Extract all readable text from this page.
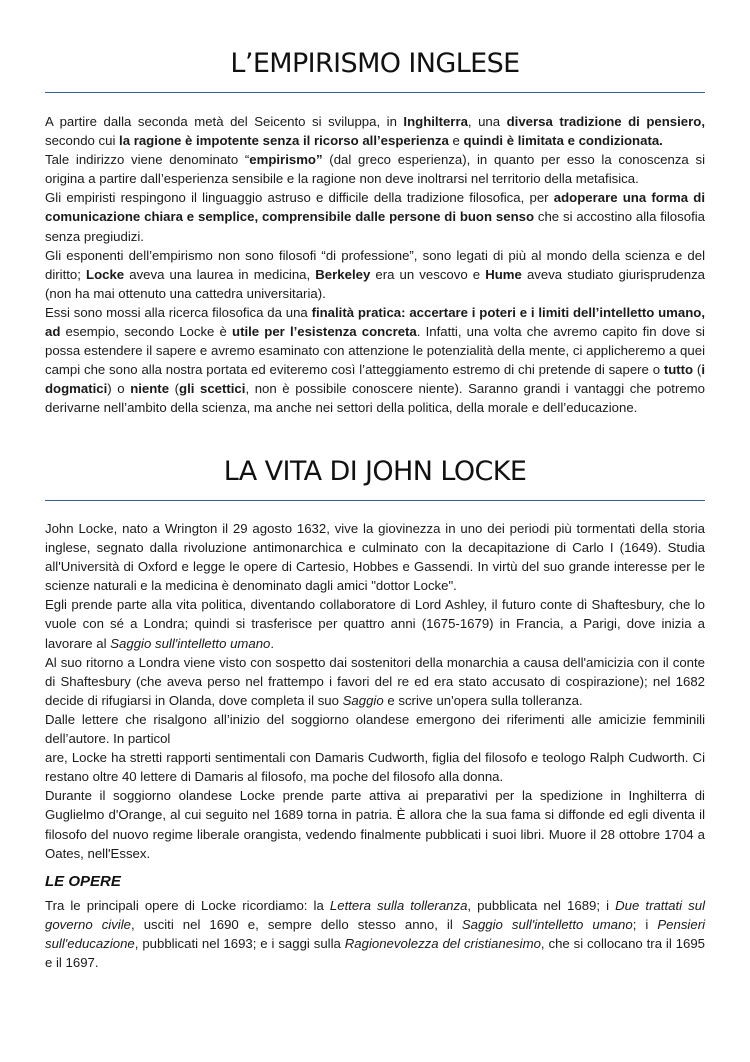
L’EMPIRISMO INGLESE

A partire dalla seconda metà del Seicento si sviluppa, in Inghilterra, una diversa tradizione di pensiero, secondo cui la ragione è impotente senza il ricorso all’esperienza e quindi è limitata e condizionata.

Tale indirizzo viene denominato “empirismo” (dal greco esperienza), in quanto per esso la conoscenza si origina a partire dall’esperienza sensibile e la ragione non deve inoltrarsi nel territorio della metafisica.

Gli empiristi respingono il linguaggio astruso e difficile della tradizione filosofica, per adoperare una forma di comunicazione chiara e semplice, comprensibile dalle persone di buon senso che si accostino alla filosofia senza pregiudizi.

Gli esponenti dell’empirismo non sono filosofi “di professione”, sono legati di più al mondo della scienza e del diritto; Locke aveva una laurea in medicina, Berkeley era un vescovo e Hume aveva studiato giurisprudenza (non ha mai ottenuto una cattedra universitaria).

Essi sono mossi alla ricerca filosofica da una finalità pratica: accertare i poteri e i limiti dell’intelletto umano, ad esempio, secondo Locke è utile per l’esistenza concreta. Infatti, una volta che avremo capito fin dove si possa estendere il sapere e avremo esaminato con attenzione le potenzialità della mente, ci applicheremo a quei campi che sono alla nostra portata ed eviteremo così l’atteggiamento estremo di chi pretende di sapere o tutto (i dogmatici) o niente (gli scettici, non è possibile conoscere niente). Saranno grandi i vantaggi che potremo derivarne nell’ambito della scienza, ma anche nei settori della politica, della morale e dell’educazione.

LA VITA DI JOHN LOCKE

John Locke, nato a Wrington il 29 agosto 1632, vive la giovinezza in uno dei periodi più tormentati della storia inglese, segnato dalla rivoluzione antimonarchica e culminato con la decapitazione di Carlo I (1649). Studia all'Università di Oxford e legge le opere di Cartesio, Hobbes e Gassendi. In virtù del suo grande interesse per le scienze naturali e la medicina è denominato dagli amici "dottor Locke".

Egli prende parte alla vita politica, diventando collaboratore di Lord Ashley, il futuro conte di Shaftesbury, che lo vuole con sé a Londra; quindi si trasferisce per quattro anni (1675-1679) in Francia, a Parigi, dove inizia a lavorare al Saggio sull'intelletto umano.

Al suo ritorno a Londra viene visto con sospetto dai sostenitori della monarchia a causa dell'amicizia con il conte di Shaftesbury (che aveva perso nel frattempo i favori del re ed era stato accusato di cospirazione); nel 1682 decide di rifugiarsi in Olanda, dove completa il suo Saggio e scrive un'opera sulla tolleranza.

Dalle lettere che risalgono all’inizio del soggiorno olandese emergono dei riferimenti alle amicizie femminili dell’autore. In particol

are, Locke ha stretti rapporti sentimentali con Damaris Cudworth, figlia del filosofo e teologo Ralph Cudworth. Ci restano oltre 40 lettere di Damaris al filosofo, ma poche del filosofo alla donna.

Durante il soggiorno olandese Locke prende parte attiva ai preparativi per la spedizione in Inghilterra di Guglielmo d'Orange, al cui seguito nel 1689 torna in patria. È allora che la sua fama si diffonde ed egli diventa il filosofo del nuovo regime liberale orangista, vedendo finalmente pubblicati i suoi libri. Muore il 28 ottobre 1704 a Oates, nell'Essex.

LE OPERE

Tra le principali opere di Locke ricordiamo: la Lettera sulla tolleranza, pubblicata nel 1689; i Due trattati sul governo civile, usciti nel 1690 e, sempre dello stesso anno, il Saggio sull'intelletto umano; i Pensieri sull'educazione, pubblicati nel 1693; e i saggi sulla Ragionevolezza del cristianesimo, che si collocano tra il 1695 e il 1697.
